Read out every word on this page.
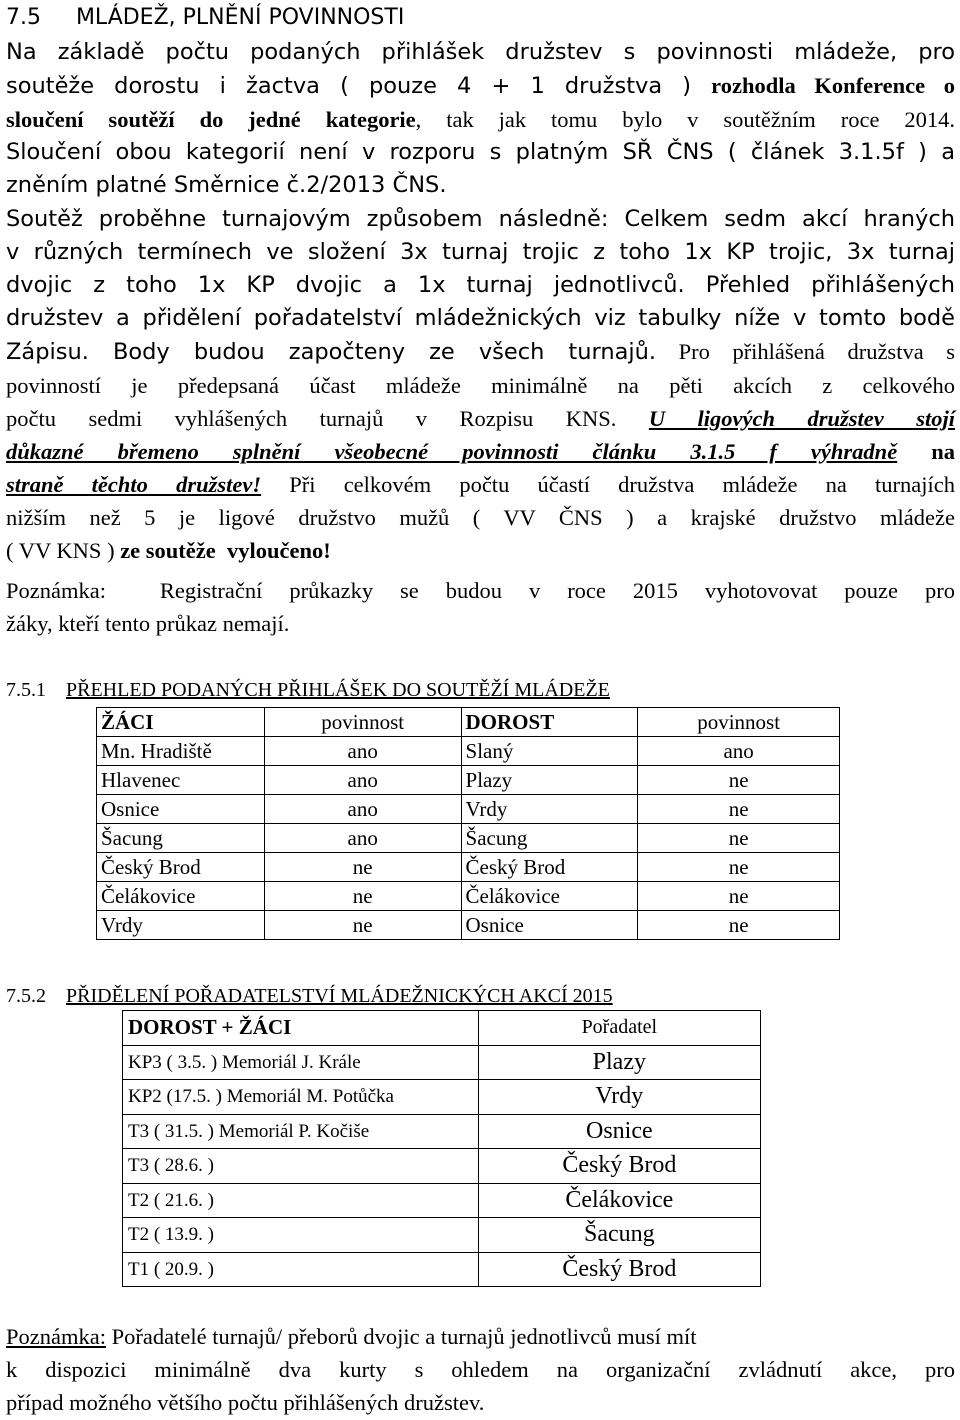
7.5     MLÁDEŽ, PLNĚNÍ POVINNOSTI
Na základě počtu podaných přihlášek družstev s povinnosti mládeže, pro
soutěže dorostu i žactva ( pouze 4 + 1 družstva ) rozhodla Konference o
sloučení soutěží do jedné kategorie, tak jak tomu bylo v soutěžním roce 2014.
Sloučení obou kategorií není v rozporu s platným SŘ ČNS ( článek 3.1.5f ) a
zněním platné Směrnice č.2/2013 ČNS.
Soutěž proběhne turnajovým způsobem následně: Celkem sedm akcí hraných
v různých termínech ve složení 3x turnaj trojic z toho 1x KP trojic, 3x turnaj
dvojic z toho 1x KP dvojic a 1x turnaj jednotlivců. Přehled přihlášených
družstev a přidělení pořadatelství mládežnických viz tabulky níže v tomto bodě
Zápisu. Body budou započteny ze všech turnajů. Pro přihlášená družstva s
povinností je předepsaná účast mládeže minimálně na pěti akcích z celkového
počtu sedmi vyhlášených turnajů v Rozpisu KNS. U ligových družstev stojí
důkazné břemeno splnění všeobecné povinnosti článku 3.1.5 f výhradně na
straně těchto družstev! Při celkovém počtu účastí družstva mládeže na turnajích
nižším než 5 je ligové družstvo mužů ( VV ČNS ) a krajské družstvo mládeže
( VV KNS ) ze soutěže  vyloučeno!
Poznámka:  Registrační průkazky se budou v roce 2015 vyhotovovat pouze pro
žáky, kteří tento průkaz nemají.
7.5.1 PŘEHLED PODANÝCH PŘIHLÁŠEK DO SOUTĚŽÍ MLÁDEŽE
ŽÁCI	povinnost	DOROST	povinnost
Mn. Hradiště	ano	Slaný	ano
Hlavenec	ano	Plazy	ne
Osnice	ano	Vrdy	ne
Šacung	ano	Šacung	ne
Český Brod	ne	Český Brod	ne
Čelákovice	ne	Čelákovice	ne
Vrdy	ne	Osnice	ne
7.5.2 PŘIDĚLENÍ POŘADATELSTVÍ MLÁDEŽNICKÝCH AKCÍ 2015
DOROST + ŽÁCI	Pořadatel
KP3 ( 3.5. ) Memoriál J. Krále	Plazy
KP2 (17.5. ) Memoriál M. Potůčka	Vrdy
T3 ( 31.5. ) Memoriál P. Kočiše	Osnice
T3 ( 28.6. )	Český Brod
T2 ( 21.6. )	Čelákovice
T2 ( 13.9. )	Šacung
T1 ( 20.9. )	Český Brod
Poznámka: Pořadatelé turnajů/ přeborů dvojic a turnajů jednotlivců musí mít
k dispozici minimálně dva kurty s ohledem na organizační zvládnutí akce, pro
případ možného většího počtu přihlášených družstev.
